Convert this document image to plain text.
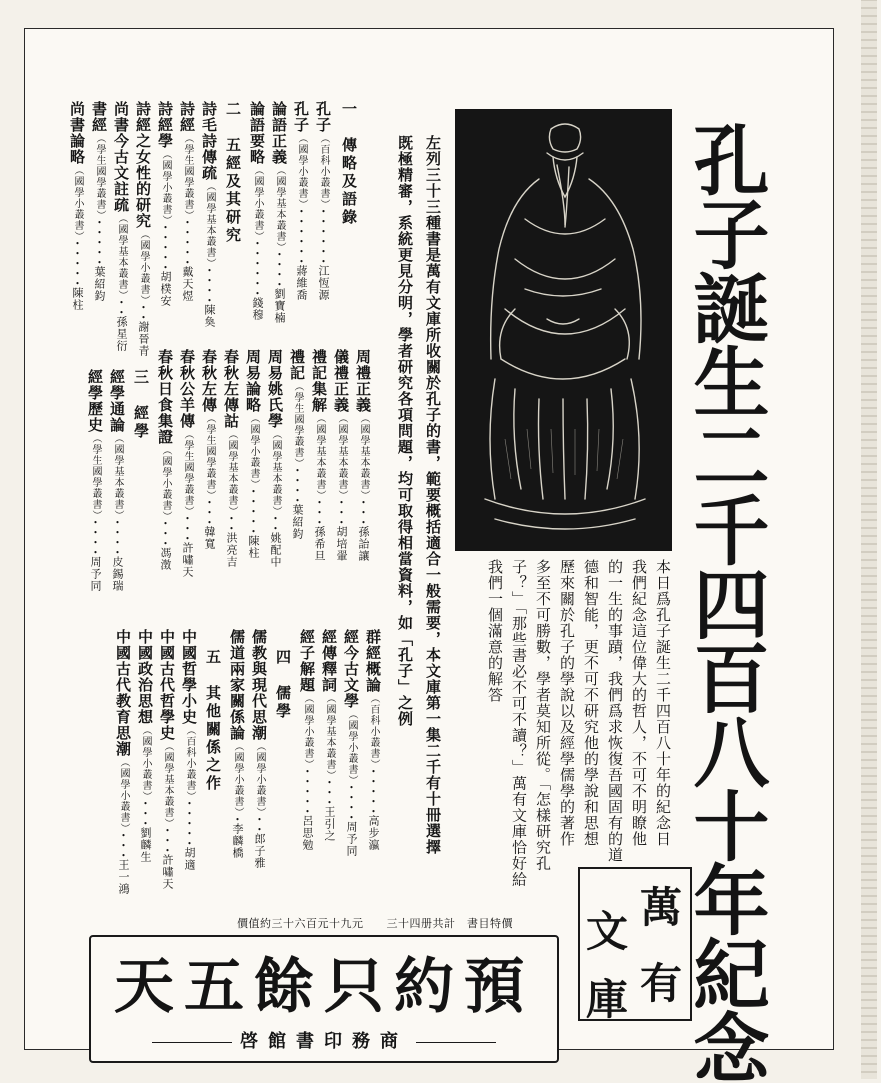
孔子誕生二千四百八十年紀念
左列三十三種書是萬有文庫所收關於孔子的書，範要概括適合一般需要，本文庫第一集二千有十冊選擇
既極精審，系統更見分明，學者研究各項問題，均可取得相當資料，如「孔子」之例	本日爲孔子誕生二千四百八十年的紀念日
我們紀念這位偉大的哲人，不可不明瞭他
的一生的事蹟，我們爲求恢復吾國固有的道
德和智能，更不可不研究他的學說和思想
歷來關於孔子的學說以及經學儒學的著作
多至不可勝數，學者莫知所從。「怎樣研究孔
子？」「那些書必不可不讀？」萬有文庫恰好給
我們一個滿意的解答
一　傳略及語錄
孔子（百科小叢書）・・・・・・江恆源
孔子（國學小叢書）・・・・・・蔣維喬
論語正義（國學基本叢書）・・・・劉寶楠
論語要略（國學小叢書）・・・・・・錢穆
二　五經及其研究
詩毛詩傳疏（國學基本叢書）・・・・陳奐
詩經（學生國學叢書）・・・・・戴天煜
詩經學（國學小叢書）・・・・・胡樸安
詩經之女性的研究（國學小叢書）・・謝晉青
尚書今古文註疏（國學基本叢書）・・孫星衍
書經（學生國學叢書）・・・・・葉紹鈞
尚書論略（國學小叢書）・・・・・陳柱
周禮正義（國學基本叢書）・・・孫詒讓
儀禮正義（國學基本叢書）・・・胡培翬
禮記集解（國學基本叢書）・・・孫希旦
禮記（學生國學叢書）・・・・葉紹鈞
周易姚氏學（國學基本叢書）・・姚配中
周易論略（國學小叢書）・・・・・陳柱
春秋左傳詁（國學基本叢書）・・洪亮吉
春秋左傳（學生國學叢書）・・・韓寬
春秋公羊傳（學生國學叢書）・・・許嘯天
春秋日食集證（國學小叢書）・・・馮澂
三　經學
經學通論（國學基本叢書）・・・・皮錫瑞
經學歷史（學生國學叢書）・・・・周予同
群經概論（百科小叢書）・・・・・高步瀛
經今古文學（國學小叢書）・・・・周予同
經傳釋詞（國學基本叢書）・・・王引之
經子解題（國學小叢書）・・・・・呂思勉
四　儒學
儒教與現代思潮（國學小叢書）・・郎子雅
儒道兩家關係論（國學小叢書）・李麟橋
五　其他關係之作
中國哲學小史（百科小叢書）・・・・・胡適
中國古代哲學史（國學基本叢書）・・・許嘯天
中國政治思想（國學小叢書）・・・劉麟生
中國古代教育思潮（國學小叢書）・・・王一鴻
萬
有
文
庫
價值約三十六百元十九元　　三十四册共計　書目特價
天五餘只約預
啓館書印務商
